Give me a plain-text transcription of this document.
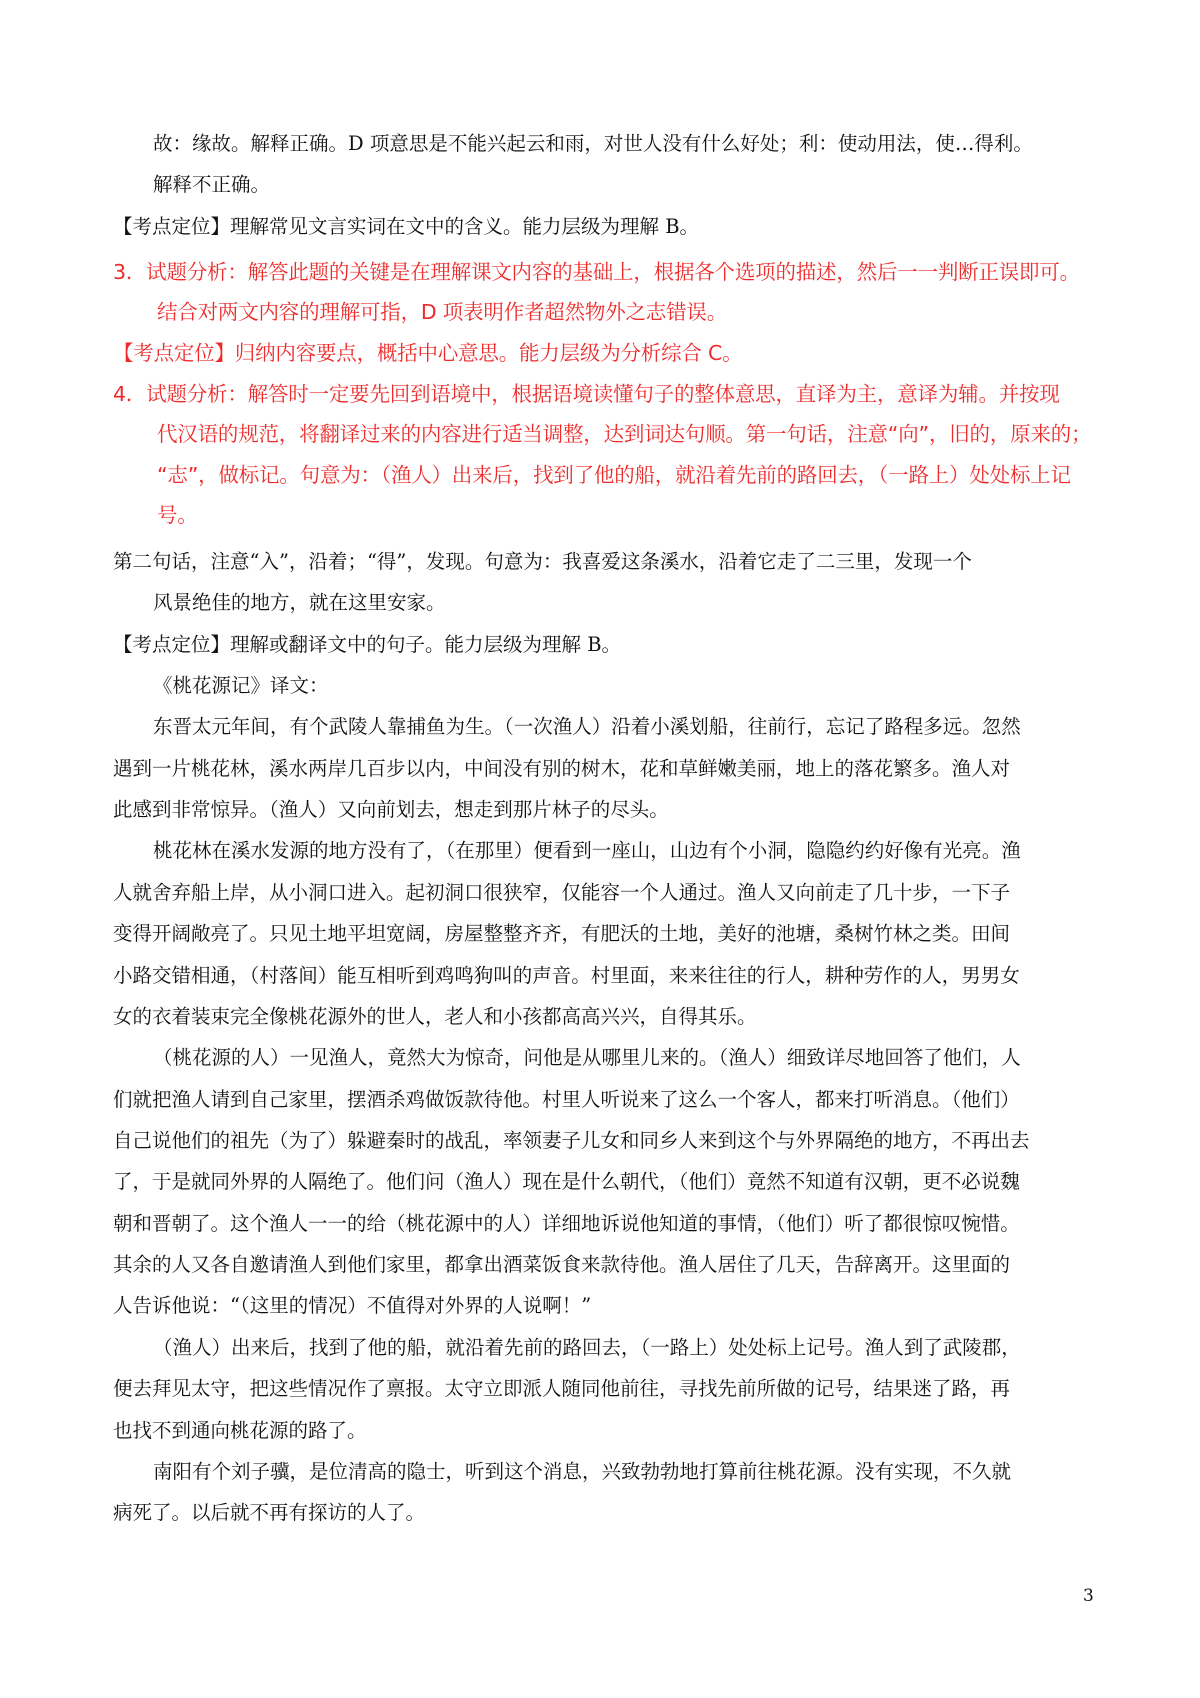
故：缘故。解释正确。D 项意思是不能兴起云和雨，对世人没有什么好处；利：使动用法，使…得利。
解释不正确。
【考点定位】理解常见文言实词在文中的含义。能力层级为理解 B。
3．试题分析：解答此题的关键是在理解课文内容的基础上，根据各个选项的描述，然后一一判断正误即可。
结合对两文内容的理解可指，D 项表明作者超然物外之志错误。
【考点定位】归纳内容要点，概括中心意思。能力层级为分析综合 C。
4．试题分析：解答时一定要先回到语境中，根据语境读懂句子的整体意思，直译为主，意译为辅。并按现
代汉语的规范，将翻译过来的内容进行适当调整，达到词达句顺。第一句话，注意“向”，旧的，原来的；
“志”，做标记。句意为：（渔人）出来后，找到了他的船，就沿着先前的路回去，（一路上）处处标上记
号。
第二句话，注意“入”，沿着；“得”，发现。句意为：我喜爱这条溪水，沿着它走了二三里，发现一个
风景绝佳的地方，就在这里安家。
【考点定位】理解或翻译文中的句子。能力层级为理解 B。
《桃花源记》译文：
东晋太元年间，有个武陵人靠捕鱼为生。（一次渔人）沿着小溪划船，往前行，忘记了路程多远。忽然
遇到一片桃花林，溪水两岸几百步以内，中间没有别的树木，花和草鲜嫩美丽，地上的落花繁多。渔人对
此感到非常惊异。（渔人）又向前划去，想走到那片林子的尽头。
桃花林在溪水发源的地方没有了，（在那里）便看到一座山，山边有个小洞，隐隐约约好像有光亮。渔
人就舍弃船上岸，从小洞口进入。起初洞口很狭窄，仅能容一个人通过。渔人又向前走了几十步，一下子
变得开阔敞亮了。只见土地平坦宽阔，房屋整整齐齐，有肥沃的土地，美好的池塘，桑树竹林之类。田间
小路交错相通，（村落间）能互相听到鸡鸣狗叫的声音。村里面，来来往往的行人，耕种劳作的人，男男女
女的衣着装束完全像桃花源外的世人，老人和小孩都高高兴兴，自得其乐。
（桃花源的人）一见渔人，竟然大为惊奇，问他是从哪里儿来的。（渔人）细致详尽地回答了他们，人
们就把渔人请到自己家里，摆酒杀鸡做饭款待他。村里人听说来了这么一个客人，都来打听消息。（他们）
自己说他们的祖先（为了）躲避秦时的战乱，率领妻子儿女和同乡人来到这个与外界隔绝的地方，不再出去
了，于是就同外界的人隔绝了。他们问（渔人）现在是什么朝代，（他们）竟然不知道有汉朝，更不必说魏
朝和晋朝了。这个渔人一一的给（桃花源中的人）详细地诉说他知道的事情，（他们）听了都很惊叹惋惜。
其余的人又各自邀请渔人到他们家里，都拿出酒菜饭食来款待他。渔人居住了几天，告辞离开。这里面的
人告诉他说：“（这里的情况）不值得对外界的人说啊！”
（渔人）出来后，找到了他的船，就沿着先前的路回去，（一路上）处处标上记号。渔人到了武陵郡，
便去拜见太守，把这些情况作了禀报。太守立即派人随同他前往，寻找先前所做的记号，结果迷了路，再
也找不到通向桃花源的路了。
南阳有个刘子骥，是位清高的隐士，听到这个消息，兴致勃勃地打算前往桃花源。没有实现，不久就
病死了。以后就不再有探访的人了。
3
